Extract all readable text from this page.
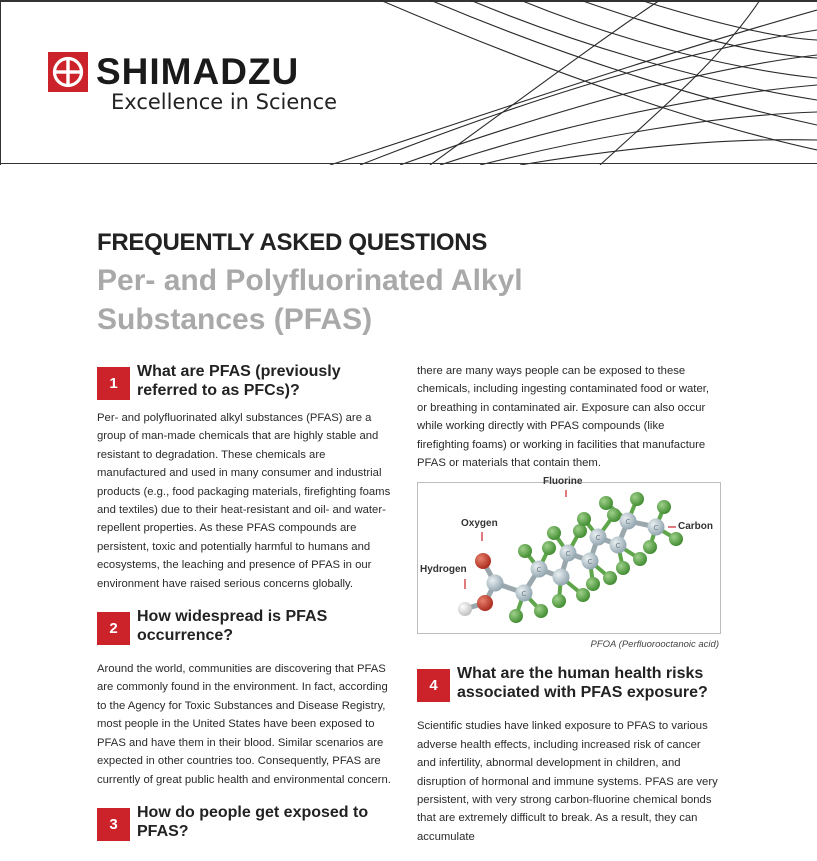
SHIMADZU
Excellence in Science
FREQUENTLY ASKED QUESTIONS
Per- and Polyfluorinated Alkyl
Substances (PFAS)
1
What are PFAS (previously referred to as PFCs)?

Per- and polyfluorinated alkyl substances (PFAS) are a group of man-made chemicals that are highly stable and resistant to degradation. These chemicals are manufactured and used in many consumer and industrial products (e.g., food packaging materials, firefighting foams and textiles) due to their heat-resistant and oil- and water-repellent properties. As these PFAS compounds are persistent, toxic and potentially harmful to humans and ecosystems, the leaching and presence of PFAS in our environment have raised serious concerns globally.

2
How widespread is PFAS occurrence?

Around the world, communities are discovering that PFAS are commonly found in the environment. In fact, according to the Agency for Toxic Substances and Disease Registry, most people in the United States have been exposed to PFAS and have them in their blood. Similar scenarios are expected in other countries too. Consequently, PFAS are currently of great public health and environmental concern.

3
How do people get exposed to PFAS?

there are many ways people can be exposed to these chemicals, including ingesting contaminated food or water, or breathing in contaminated air. Exposure can also occur while working directly with PFAS compounds (like firefighting foams) or working in facilities that manufacture PFAS or materials that contain them.

C
C
C
C
C
C
C
C
Fluorine
Oxygen	Carbon
Hydrogen
PFOA (Perfluorooctanoic acid)
4
What are the human health risks associated with PFAS exposure?

Scientific studies have linked exposure to PFAS to various adverse health effects, including increased risk of cancer and infertility, abnormal development in children, and disruption of hormonal and immune systems. PFAS are very persistent, with very strong carbon-fluorine chemical bonds that are extremely difficult to break. As a result, they can accumulate
